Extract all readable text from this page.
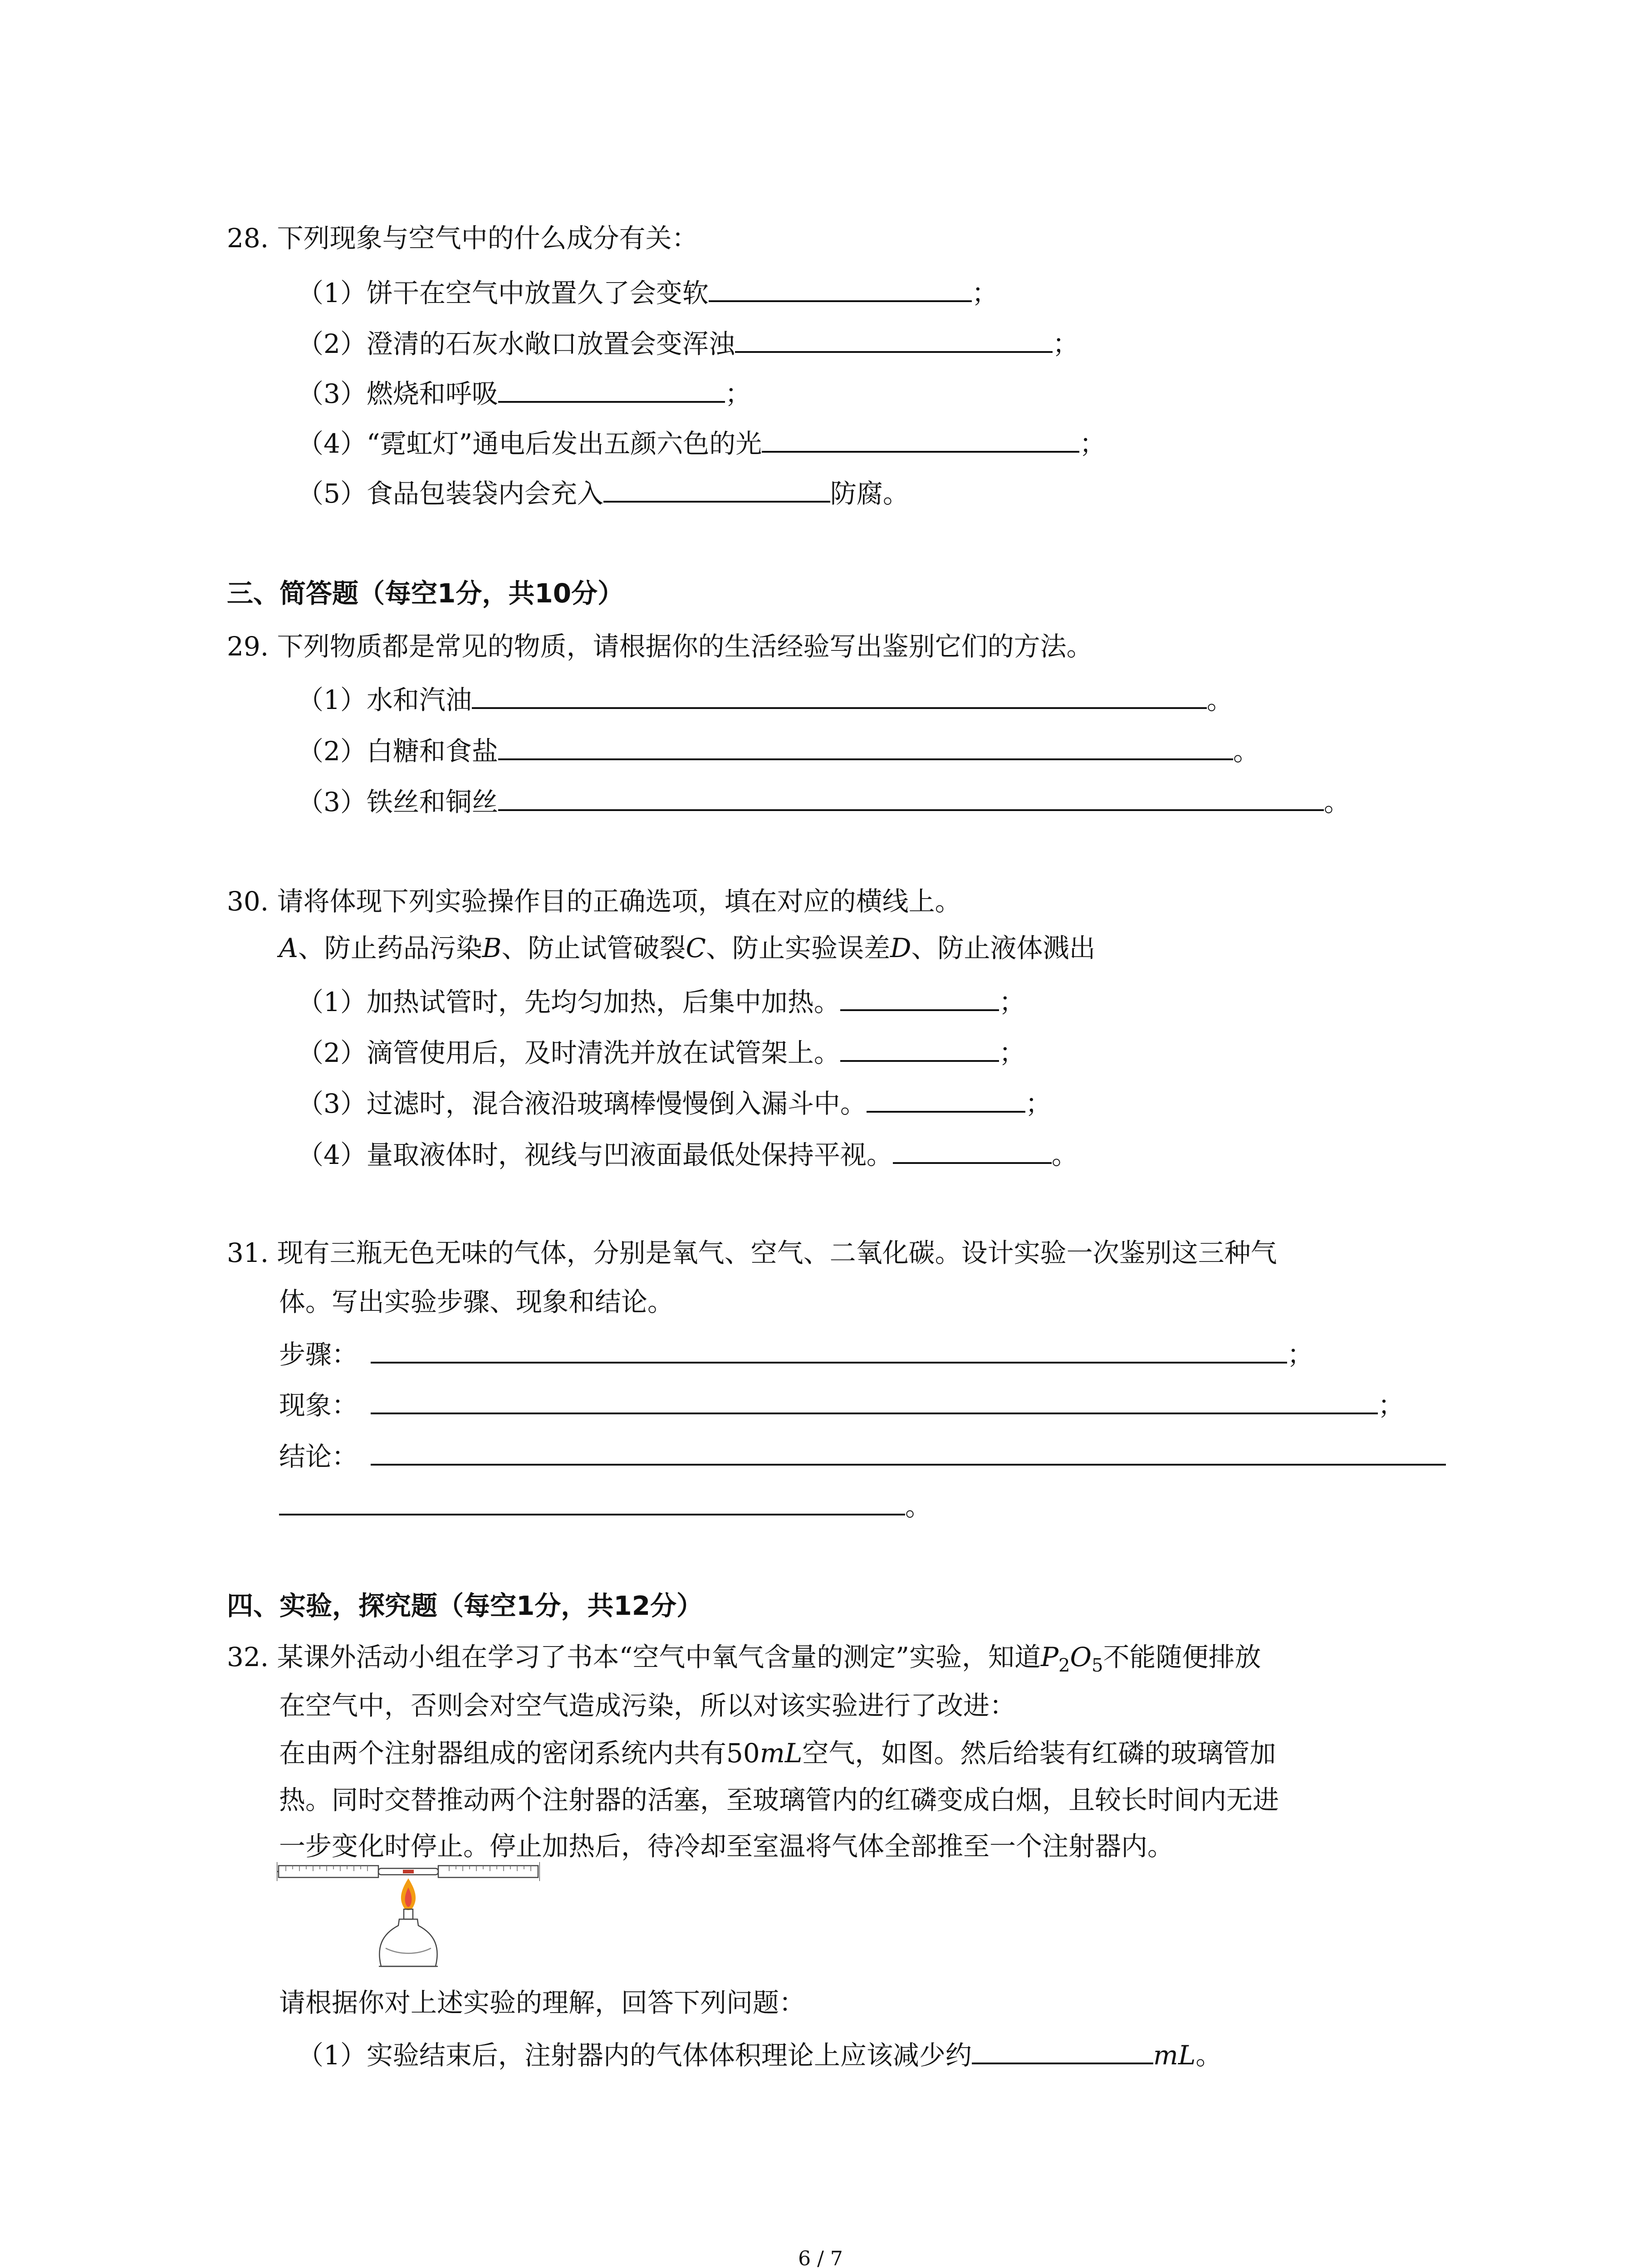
28. 下列现象与空气中的什么成分有关：
（1）饼干在空气中放置久了会变软	；
（2）澄清的石灰水敞口放置会变浑浊	；
（3）燃烧和呼吸	；
（4）“霓虹灯”通电后发出五颜六色的光	；
（5）食品包装袋内会充入	防腐。
三、简答题（每空1分，共10分）
29. 下列物质都是常见的物质，请根据你的生活经验写出鉴别它们的方法。
（1）水和汽油	。
（2）白糖和食盐	。
（3）铁丝和铜丝	。
30. 请将体现下列实验操作目的正确选项，填在对应的横线上。
A、防止药品污染B、防止试管破裂C、防止实验误差D、防止液体溅出
（1）加热试管时，先均匀加热，后集中加热。	；
（2）滴管使用后，及时清洗并放在试管架上。	；
（3）过滤时，混合液沿玻璃棒慢慢倒入漏斗中。	；
（4）量取液体时，视线与凹液面最低处保持平视。	。
31. 现有三瓶无色无味的气体，分别是氧气、空气、二氧化碳。设计实验一次鉴别这三种气
体。写出实验步骤、现象和结论。
步骤：	；
现象：	；
结论：
。
四、实验，探究题（每空1分，共12分）
32. 某课外活动小组在学习了书本“空气中氧气含量的测定”实验，知道$P_2O_5$不能随便排放
在空气中，否则会对空气造成污染，所以对该实验进行了改进：
在由两个注射器组成的密闭系统内共有50mL空气，如图。然后给装有红磷的玻璃管加
热。同时交替推动两个注射器的活塞，至玻璃管内的红磷变成白烟，且较长时间内无进
一步变化时停止。停止加热后，待冷却至室温将气体全部推至一个注射器内。
请根据你对上述实验的理解，回答下列问题：
（1）实验结束后，注射器内的气体体积理论上应该减少约	mL。
6 / 7
